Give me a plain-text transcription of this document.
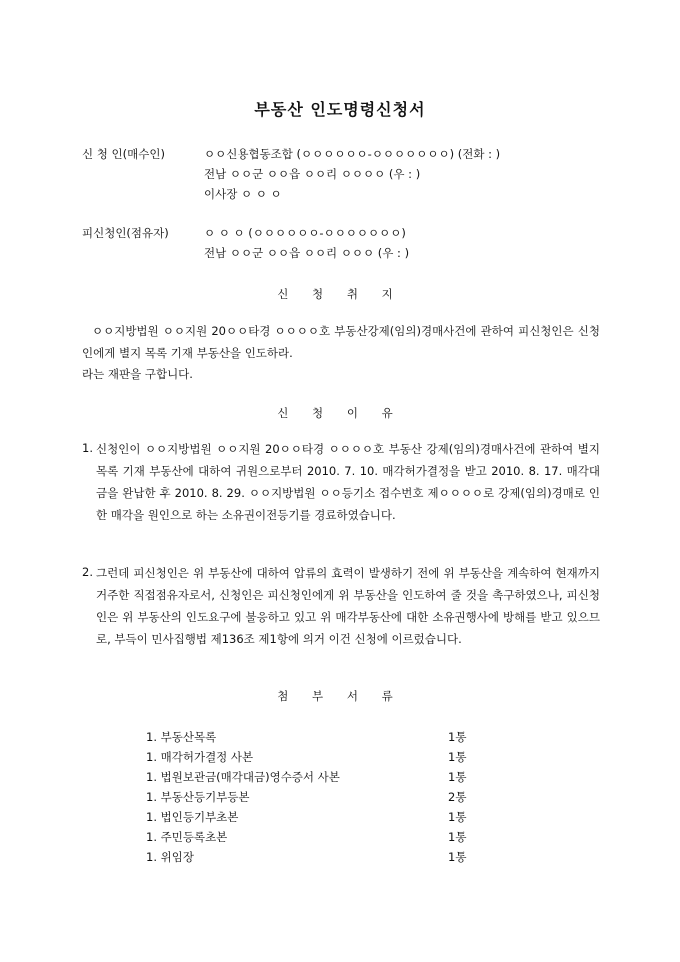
부동산 인도명령신청서
신 청 인(매수인)	ㅇㅇ신용협동조합 (ㅇㅇㅇㅇㅇㅇ-ㅇㅇㅇㅇㅇㅇㅇ) (전화 : )
전남 ㅇㅇ군 ㅇㅇ읍 ㅇㅇ리 ㅇㅇㅇㅇ (우 : )
이사장 ㅇ ㅇ ㅇ
피신청인(점유자)	ㅇ ㅇ ㅇ (ㅇㅇㅇㅇㅇㅇ-ㅇㅇㅇㅇㅇㅇㅇ)
전남 ㅇㅇ군 ㅇㅇ읍 ㅇㅇ리 ㅇㅇㅇ (우 : )
신 청 취 지
ㅇㅇ지방법원 ㅇㅇ지원 20ㅇㅇ타경 ㅇㅇㅇㅇ호 부동산강제(임의)경매사건에 관하여 피신청인은 신청인에게 별지 목록 기재 부동산을 인도하라.
라는 재판을 구합니다.
신 청 이 유
1. 신청인이 ㅇㅇ지방법원 ㅇㅇ지원 20ㅇㅇ타경 ㅇㅇㅇㅇ호 부동산 강제(임의)경매사건에 관하여 별지 목록 기재 부동산에 대하여 귀원으로부터 2010. 7. 10. 매각허가결정을 받고 2010. 8. 17. 매각대금을 완납한 후 2010. 8. 29. ㅇㅇ지방법원 ㅇㅇ등기소 접수번호 제ㅇㅇㅇㅇ로 강제(임의)경매로 인한 매각을 원인으로 하는 소유권이전등기를 경료하였습니다.
2. 그런데 피신청인은 위 부동산에 대하여 압류의 효력이 발생하기 전에 위 부동산을 계속하여 현재까지 거주한 직접점유자로서, 신청인은 피신청인에게 위 부동산을 인도하여 줄 것을 촉구하였으나, 피신청인은 위 부동산의 인도요구에 불응하고 있고 위 매각부동산에 대한 소유권행사에 방해를 받고 있으므로, 부득이 민사집행법 제136조 제1항에 의거 이건 신청에 이르렀습니다.
첨 부 서 류
1. 부동산목록	1통
1. 매각허가결정 사본	1통
1. 법원보관금(매각대금)영수증서 사본	1통
1. 부동산등기부등본	2통
1. 법인등기부초본	1통
1. 주민등록초본	1통
1. 위임장	1통
